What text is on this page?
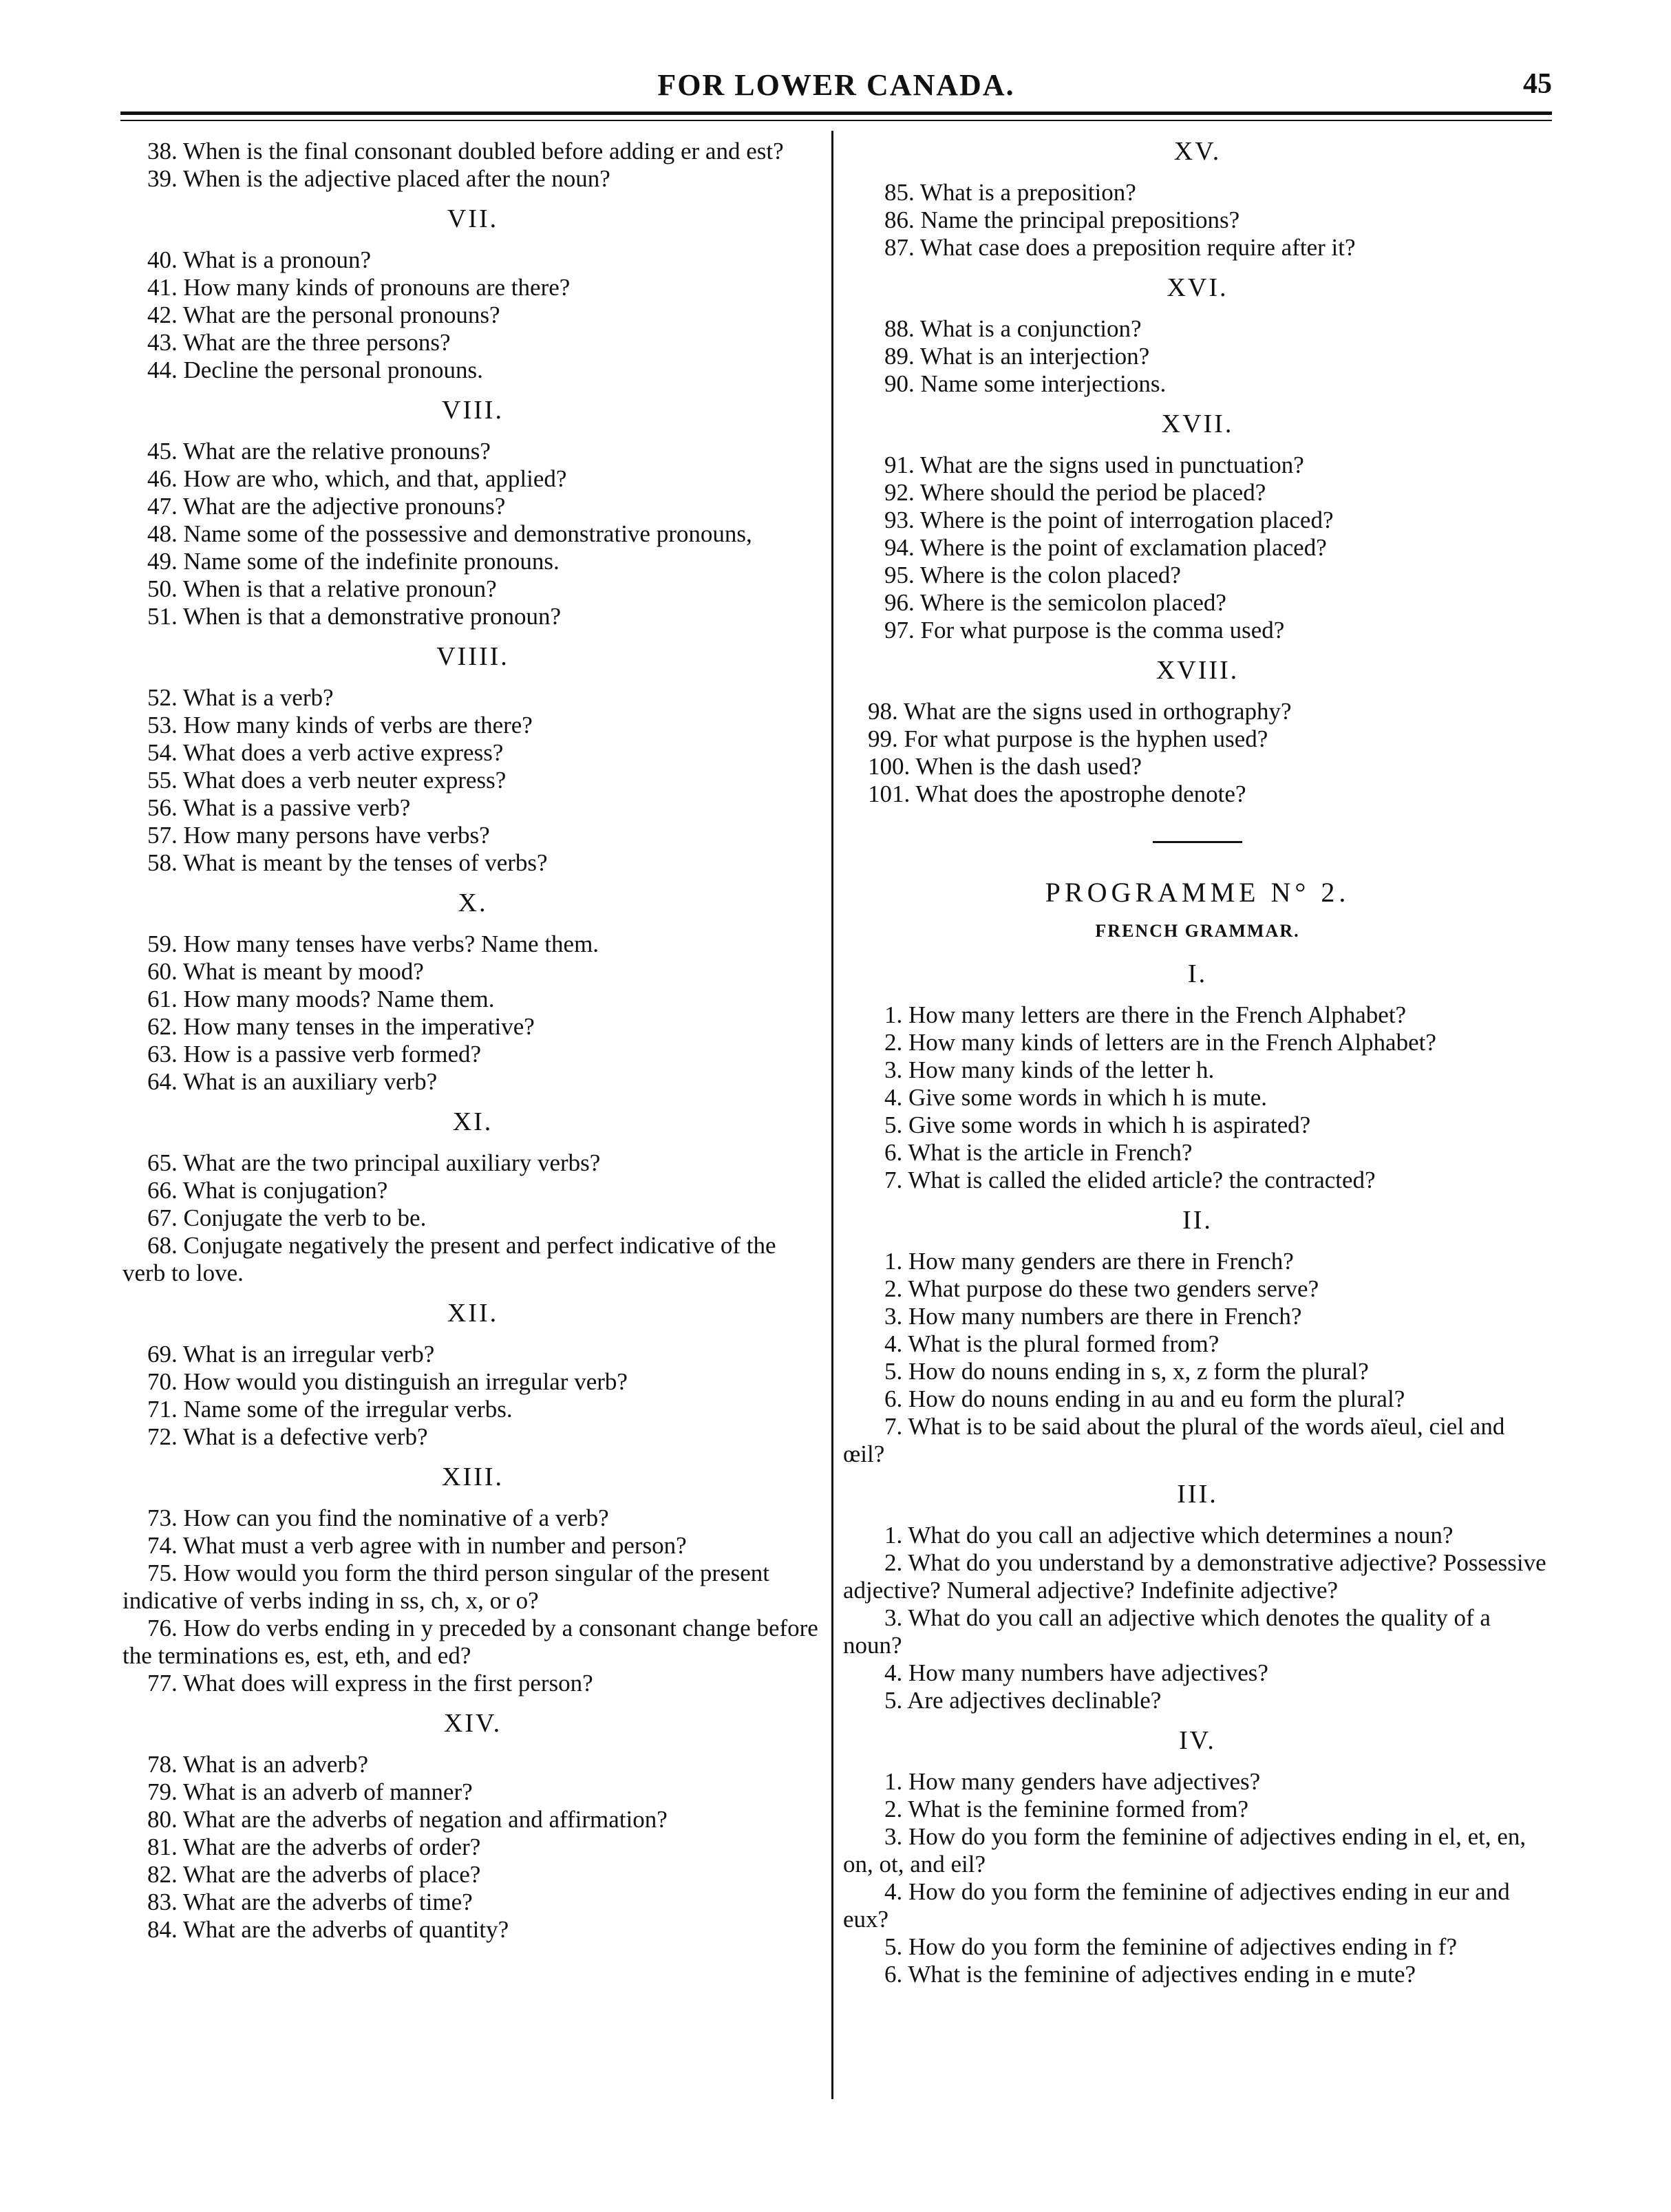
FOR LOWER CANADA.	45

38. When is the final consonant doubled before adding er and est?

39. When is the adjective placed after the noun?

VII.

40. What is a pronoun?

41. How many kinds of pronouns are there?

42. What are the personal pronouns?

43. What are the three persons?

44. Decline the personal pronouns.

VIII.

45. What are the relative pronouns?

46. How are who, which, and that, applied?

47. What are the adjective pronouns?

48. Name some of the possessive and demonstrative pronouns,

49. Name some of the indefinite pronouns.

50. When is that a relative pronoun?

51. When is that a demonstrative pronoun?

VIIII.

52. What is a verb?

53. How many kinds of verbs are there?

54. What does a verb active express?

55. What does a verb neuter express?

56. What is a passive verb?

57. How many persons have verbs?

58. What is meant by the tenses of verbs?

X.

59. How many tenses have verbs? Name them.

60. What is meant by mood?

61. How many moods? Name them.

62. How many tenses in the imperative?

63. How is a passive verb formed?

64. What is an auxiliary verb?

XI.

65. What are the two principal auxiliary verbs?

66. What is conjugation?

67. Conjugate the verb to be.

68. Conjugate negatively the present and perfect indicative of the verb to love.

XII.

69. What is an irregular verb?

70. How would you distinguish an irregular verb?

71. Name some of the irregular verbs.

72. What is a defective verb?

XIII.

73. How can you find the nominative of a verb?

74. What must a verb agree with in number and person?

75. How would you form the third person singular of the present indicative of verbs inding in ss, ch, x, or o?

76. How do verbs ending in y preceded by a consonant change before the terminations es, est, eth, and ed?

77. What does will express in the first person?

XIV.

78. What is an adverb?

79. What is an adverb of manner?

80. What are the adverbs of negation and affirmation?

81. What are the adverbs of order?

82. What are the adverbs of place?

83. What are the adverbs of time?

84. What are the adverbs of quantity?

XV.

85. What is a preposition?

86. Name the principal prepositions?

87. What case does a preposition require after it?

XVI.

88. What is a conjunction?

89. What is an interjection?

90. Name some interjections.

XVII.

91. What are the signs used in punctuation?

92. Where should the period be placed?

93. Where is the point of interrogation placed?

94. Where is the point of exclamation placed?

95. Where is the colon placed?

96. Where is the semicolon placed?

97. For what purpose is the comma used?

XVIII.

98. What are the signs used in orthography?

99. For what purpose is the hyphen used?

100. When is the dash used?

101. What does the apostrophe denote?

PROGRAMME N° 2.
FRENCH GRAMMAR.
I.

1. How many letters are there in the French Alphabet?

2. How many kinds of letters are in the French Alphabet?

3. How many kinds of the letter h.

4. Give some words in which h is mute.

5. Give some words in which h is aspirated?

6. What is the article in French?

7. What is called the elided article? the contracted?

II.

1. How many genders are there in French?

2. What purpose do these two genders serve?

3. How many numbers are there in French?

4. What is the plural formed from?

5. How do nouns ending in s, x, z form the plural?

6. How do nouns ending in au and eu form the plural?

7. What is to be said about the plural of the words aïeul, ciel and œil?

III.

1. What do you call an adjective which determines a noun?

2. What do you understand by a demonstrative adjective? Possessive adjective? Numeral adjective? Indefinite adjective?

3. What do you call an adjective which denotes the quality of a noun?

4. How many numbers have adjectives?

5. Are adjectives declinable?

IV.

1. How many genders have adjectives?

2. What is the feminine formed from?

3. How do you form the feminine of adjectives ending in el, et, en, on, ot, and eil?

4. How do you form the feminine of adjectives ending in eur and eux?

5. How do you form the feminine of adjectives ending in f?

6. What is the feminine of adjectives ending in e mute?
